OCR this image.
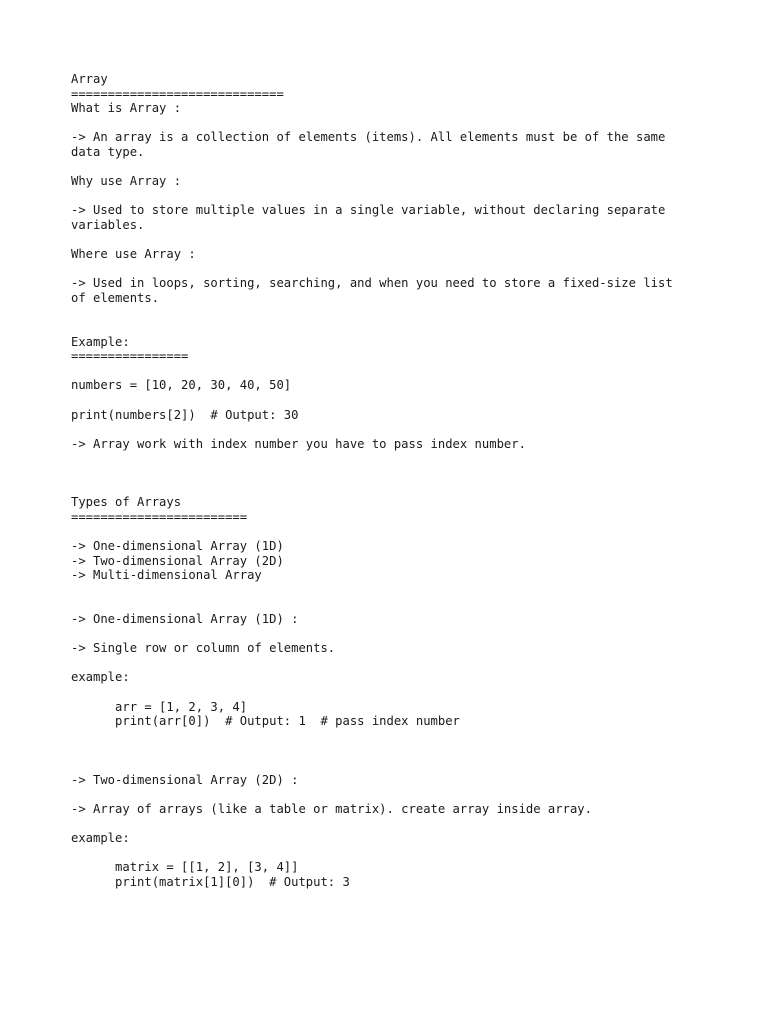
Array
=============================
What is Array :
-> An array is a collection of elements (items). All elements must be of the same
data type.
Why use Array :
-> Used to store multiple values in a single variable, without declaring separate
variables.
Where use Array :
-> Used in loops, sorting, searching, and when you need to store a fixed-size list
of elements.
Example:
================
numbers = [10, 20, 30, 40, 50]
print(numbers[2])  # Output: 30
-> Array work with index number you have to pass index number.
Types of Arrays
========================
-> One-dimensional Array (1D)
-> Two-dimensional Array (2D)
-> Multi-dimensional Array
-> One-dimensional Array (1D) :
-> Single row or column of elements.
example:
arr = [1, 2, 3, 4]
print(arr[0])  # Output: 1  # pass index number
-> Two-dimensional Array (2D) :
-> Array of arrays (like a table or matrix). create array inside array.
example:
matrix = [[1, 2], [3, 4]]
print(matrix[1][0])  # Output: 3
